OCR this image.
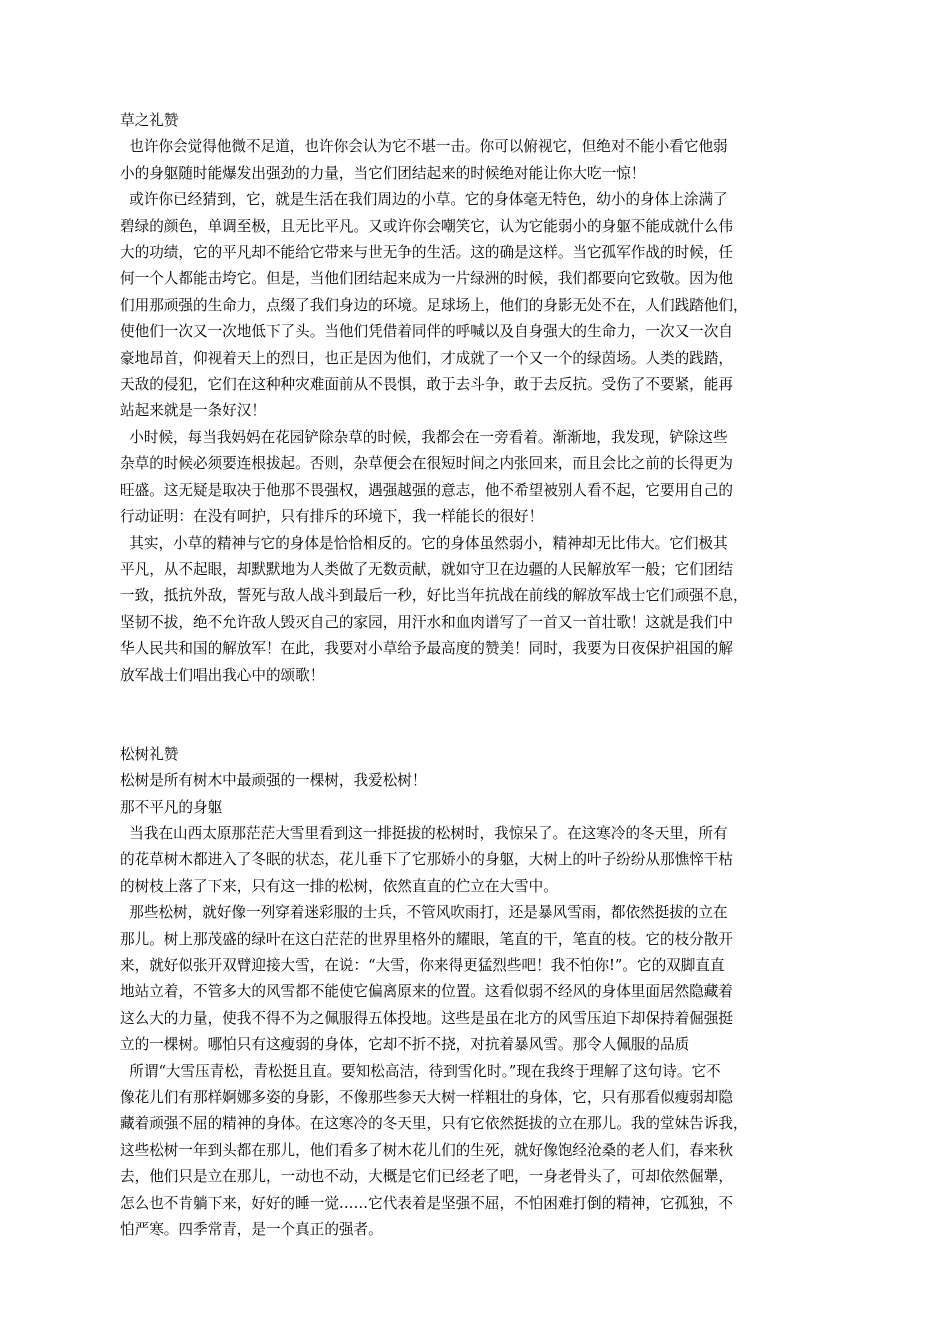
草之礼赞
也许你会觉得他微不足道，也许你会认为它不堪一击。你可以俯视它，但绝对不能小看它他弱
小的身躯随时能爆发出强劲的力量，当它们团结起来的时候绝对能让你大吃一惊！
或许你已经猜到，它，就是生活在我们周边的小草。它的身体毫无特色，幼小的身体上涂满了
碧绿的颜色，单调至极，且无比平凡。又或许你会嘲笑它，认为它能弱小的身躯不能成就什么伟
大的功绩，它的平凡却不能给它带来与世无争的生活。这的确是这样。当它孤军作战的时候，任
何一个人都能击垮它。但是，当他们团结起来成为一片绿洲的时候，我们都要向它致敬。因为他
们用那顽强的生命力，点缀了我们身边的环境。足球场上，他们的身影无处不在，人们践踏他们，
使他们一次又一次地低下了头。当他们凭借着同伴的呼喊以及自身强大的生命力，一次又一次自
豪地昂首，仰视着天上的烈日，也正是因为他们，才成就了一个又一个的绿茵场。人类的践踏，
天敌的侵犯，它们在这种种灾难面前从不畏惧，敢于去斗争，敢于去反抗。受伤了不要紧，能再
站起来就是一条好汉！
小时候，每当我妈妈在花园铲除杂草的时候，我都会在一旁看着。渐渐地，我发现，铲除这些
杂草的时候必须要连根拔起。否则，杂草便会在很短时间之内张回来，而且会比之前的长得更为
旺盛。这无疑是取决于他那不畏强权，遇强越强的意志，他不希望被别人看不起，它要用自己的
行动证明：在没有呵护，只有排斥的环境下，我一样能长的很好！
其实，小草的精神与它的身体是恰恰相反的。它的身体虽然弱小，精神却无比伟大。它们极其
平凡，从不起眼，却默默地为人类做了无数贡献，就如守卫在边疆的人民解放军一般；它们团结
一致，抵抗外敌，誓死与敌人战斗到最后一秒，好比当年抗战在前线的解放军战士它们顽强不息，
坚韧不拔，绝不允许敌人毁灭自己的家园，用汗水和血肉谱写了一首又一首壮歌！这就是我们中
华人民共和国的解放军！在此，我要对小草给予最高度的赞美！同时，我要为日夜保护祖国的解
放军战士们唱出我心中的颂歌！
松树礼赞
松树是所有树木中最顽强的一棵树，我爱松树！
那不平凡的身躯
当我在山西太原那茫茫大雪里看到这一排挺拔的松树时，我惊呆了。在这寒冷的冬天里，所有
的花草树木都进入了冬眠的状态，花儿垂下了它那娇小的身躯，大树上的叶子纷纷从那憔悴干枯
的树枝上落了下来，只有这一排的松树，依然直直的伫立在大雪中。
那些松树，就好像一列穿着迷彩服的士兵，不管风吹雨打，还是暴风雪雨，都依然挺拔的立在
那儿。树上那茂盛的绿叶在这白茫茫的世界里格外的耀眼，笔直的干，笔直的枝。它的枝分散开
来，就好似张开双臂迎接大雪，在说：“大雪，你来得更猛烈些吧！我不怕你!”。它的双脚直直
地站立着，不管多大的风雪都不能使它偏离原来的位置。这看似弱不经风的身体里面居然隐藏着
这么大的力量，使我不得不为之佩服得五体投地。这些是虽在北方的风雪压迫下却保持着倔强挺
立的一棵树。哪怕只有这瘦弱的身体，它却不折不挠，对抗着暴风雪。那令人佩服的品质
所谓“大雪压青松，青松挺且直。要知松高洁，待到雪化时。”现在我终于理解了这句诗。它不
像花儿们有那样婀娜多姿的身影，不像那些参天大树一样粗壮的身体，它，只有那看似瘦弱却隐
藏着顽强不屈的精神的身体。在这寒冷的冬天里，只有它依然挺拔的立在那儿。我的堂妹告诉我，
这些松树一年到头都在那儿，他们看多了树木花儿们的生死，就好像饱经沧桑的老人们，春来秋
去，他们只是立在那儿，一动也不动，大概是它们已经老了吧，一身老骨头了，可却依然倔犟，
怎么也不肯躺下来，好好的睡一觉……它代表着是坚强不屈，不怕困难打倒的精神，它孤独，不
怕严寒。四季常青，是一个真正的强者。
